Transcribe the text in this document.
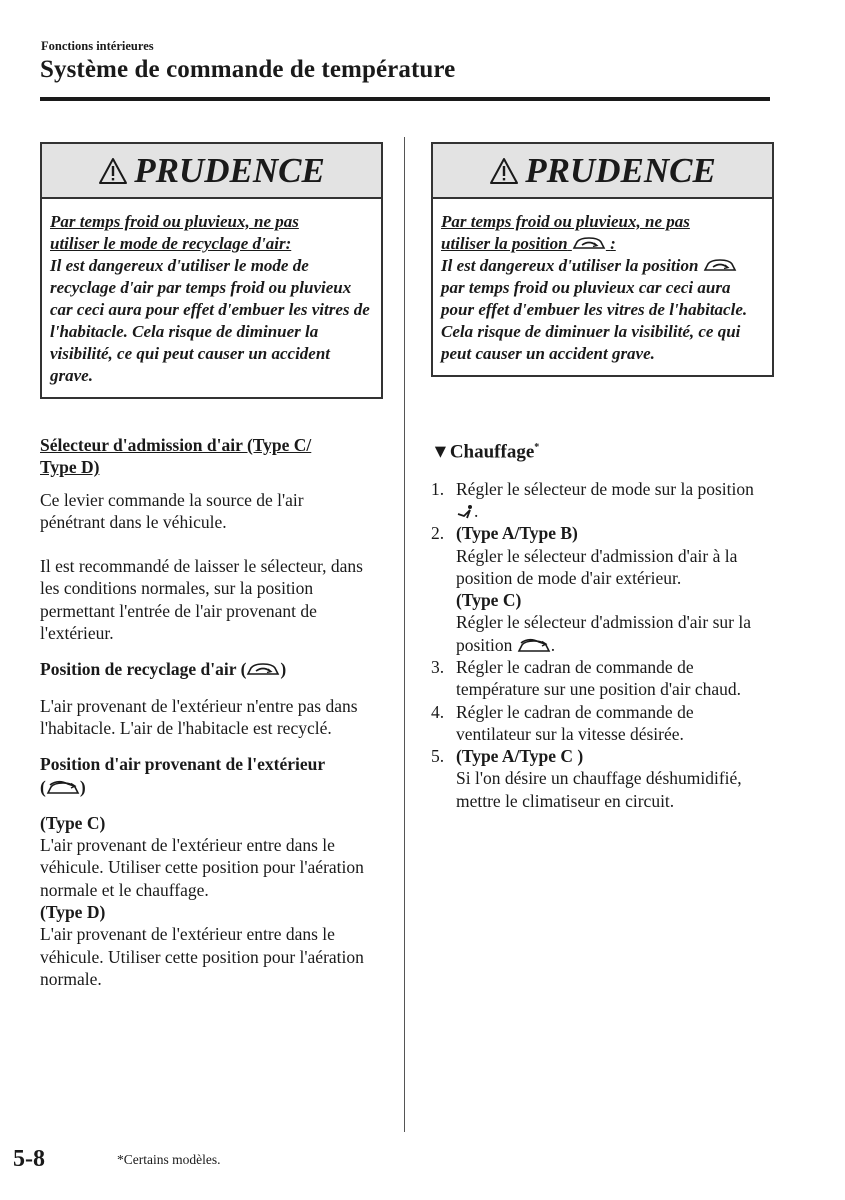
Fonctions intérieures
Système de commande de température
PRUDENCE
Par temps froid ou pluvieux, ne pas
utiliser le mode de recyclage d'air:
Il est dangereux d'utiliser le mode de recyclage d'air par temps froid ou pluvieux car ceci aura pour effet d'embuer les vitres de l'habitacle. Cela risque de diminuer la visibilité, ce qui peut causer un accident grave.
PRUDENCE
Par temps froid ou pluvieux, ne pas
utiliser la position	:
Il est dangereux d'utiliser la position  par temps froid ou pluvieux car ceci aura pour effet d'embuer les vitres de l'habitacle. Cela risque de diminuer la visibilité, ce qui peut causer un accident grave.

Sélecteur d'admission d'air (Type C/

Type D)

Ce levier commande la source de l'air pénétrant dans le véhicule.

Il est recommandé de laisser le sélecteur, dans les conditions normales, sur la position permettant l'entrée de l'air provenant de l'extérieur.

Position de recyclage d'air ( )

L'air provenant de l'extérieur n'entre pas dans l'habitacle. L'air de l'habitacle est recyclé.

Position d'air provenant de l'extérieur

( )

(Type C)

L'air provenant de l'extérieur entre dans le véhicule. Utiliser cette position pour l'aération normale et le chauffage.

(Type D)

L'air provenant de l'extérieur entre dans le véhicule. Utiliser cette position pour l'aération normale.

▼Chauffage*

1. Régler le sélecteur de mode sur la position .
2. (Type A/Type B)
Régler le sélecteur d'admission d'air à la position de mode d'air extérieur.
(Type C)
Régler le sélecteur d'admission d'air sur la position .
3. Régler le cadran de commande de température sur une position d'air chaud.
4. Régler le cadran de commande de ventilateur sur la vitesse désirée.
5. (Type A/Type C )
Si l'on désire un chauffage déshumidifié, mettre le climatiseur en circuit.
5-8	*Certains modèles.
